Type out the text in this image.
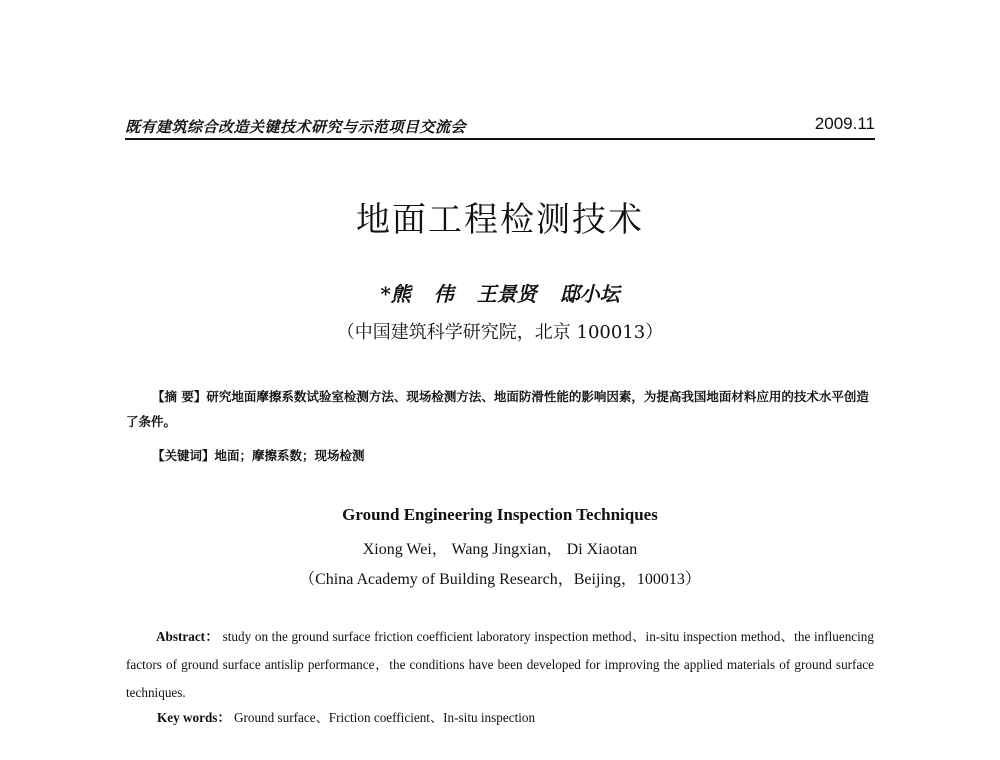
既有建筑综合改造关键技术研究与示范项目交流会	2009.11
地面工程检测技术
*熊 伟 王景贤 邸小坛
（中国建筑科学研究院，北京 100013）
【摘 要】研究地面摩擦系数试验室检测方法、现场检测方法、地面防滑性能的影响因素，为提高我国地面材料应用的技术水平创造了条件。
【关键词】地面；摩擦系数；现场检测
Ground Engineering Inspection Techniques
Xiong Wei， Wang Jingxian， Di Xiaotan
（China Academy of Building Research，Beijing，100013）
Abstract： study on the ground surface friction coefficient laboratory inspection method、in-situ inspection method、the influencing factors of ground surface antislip performance，the conditions have been developed for improving the applied materials of ground surface techniques.
Key words： Ground surface、Friction coefficient、In-situ inspection
